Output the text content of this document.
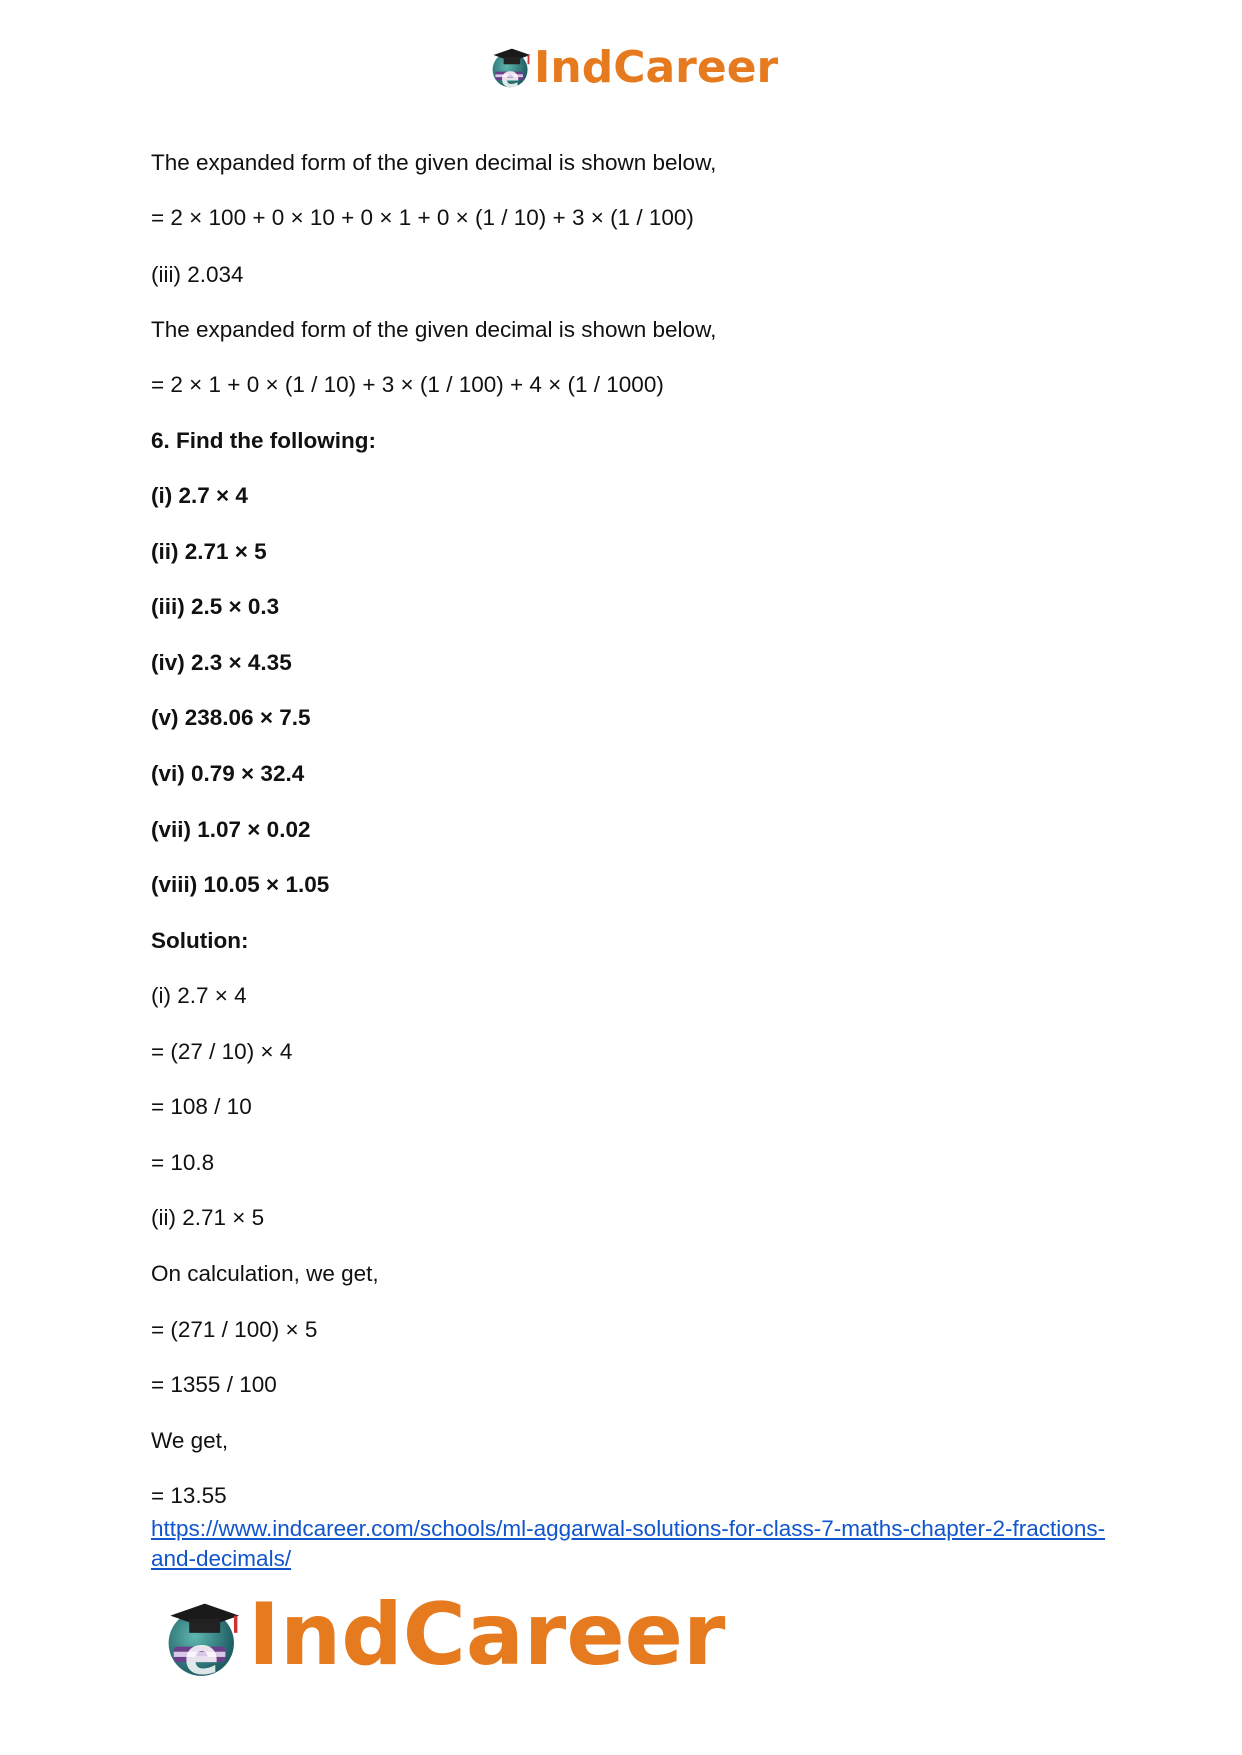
e IndCareer
The expanded form of the given decimal is shown below,
= 2 × 100 + 0 × 10 + 0 × 1 + 0 × (1 / 10) + 3 × (1 / 100)
(iii) 2.034
The expanded form of the given decimal is shown below,
= 2 × 1 + 0 × (1 / 10) + 3 × (1 / 100) + 4 × (1 / 1000)
6. Find the following:
(i) 2.7 × 4
(ii) 2.71 × 5
(iii) 2.5 × 0.3
(iv) 2.3 × 4.35
(v) 238.06 × 7.5
(vi) 0.79 × 32.4
(vii) 1.07 × 0.02
(viii) 10.05 × 1.05
Solution:
(i) 2.7 × 4
= (27 / 10) × 4
= 108 / 10
= 10.8
(ii) 2.71 × 5
On calculation, we get,
= (271 / 100) × 5
= 1355 / 100
We get,
= 13.55
https://www.indcareer.com/schools/ml-aggarwal-solutions-for-class-7-maths-chapter-2-fractions-and-decimals/
e IndCareer
